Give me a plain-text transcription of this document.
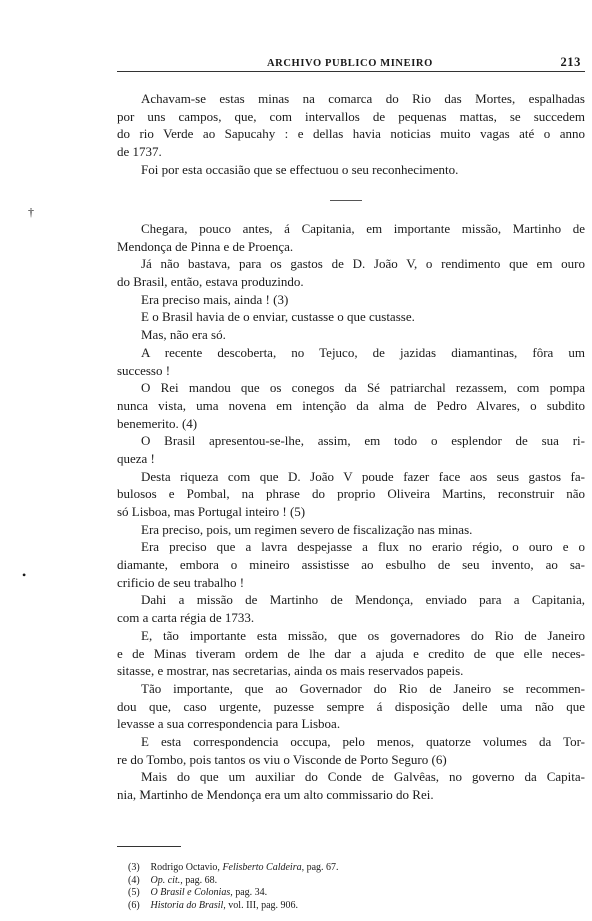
ARCHIVO PUBLICO MINEIRO	213
Achavam-se estas minas na comarca do Rio das Mortes, espalhadas
por uns campos, que, com intervallos de pequenas mattas, se succedem
do rio Verde ao Sapucahy : e dellas havia noticias muito vagas até o anno
de 1737.
Foi por esta occasião que se effectuou o seu reconhecimento.
†
•
Chegara, pouco antes, á Capitania, em importante missão, Martinho de
Mendonça de Pinna e de Proença.
Já não bastava, para os gastos de D. João V, o rendimento que em ouro
do Brasil, então, estava produzindo.
Era preciso mais, ainda ! (3)
E o Brasil havia de o enviar, custasse o que custasse.
Mas, não era só.
A recente descoberta, no Tejuco, de jazidas diamantinas, fôra um
successo !
O Rei mandou que os conegos da Sé patriarchal rezassem, com pompa
nunca vista, uma novena em intenção da alma de Pedro Alvares, o subdito
benemerito. (4)
O Brasil apresentou-se-lhe, assim, em todo o esplendor de sua ri-
queza !
Desta riqueza com que D. João V poude fazer face aos seus gastos fa-
bulosos e Pombal, na phrase do proprio Oliveira Martins, reconstruir não
só Lisboa, mas Portugal inteiro ! (5)
Era preciso, pois, um regimen severo de fiscalização nas minas.
Era preciso que a lavra despejasse a flux no erario régio, o ouro e o
diamante, embora o mineiro assistisse ao esbulho de seu invento, ao sa-
crificio de seu trabalho !
Dahi a missão de Martinho de Mendonça, enviado para a Capitania,
com a carta régia de 1733.
E, tão importante esta missão, que os governadores do Rio de Janeiro
e de Minas tiveram ordem de lhe dar a ajuda e credito de que elle neces-
sitasse, e mostrar, nas secretarias, ainda os mais reservados papeis.
Tão importante, que ao Governador do Rio de Janeiro se recommen-
dou que, caso urgente, puzesse sempre á disposição delle uma não que
levasse a sua correspondencia para Lisboa.
E esta correspondencia occupa, pelo menos, quatorze volumes da Tor-
re do Tombo, pois tantos os viu o Visconde de Porto Seguro (6)
Mais do que um auxiliar do Conde de Galvêas, no governo da Capita-
nia, Martinho de Mendonça era um alto commissario do Rei.
(3) Rodrigo Octavio, Felisberto Caldeira, pag. 67.
(4) Op. cit., pag. 68.
(5) O Brasil e Colonias, pag. 34.
(6) Historia do Brasil, vol. III, pag. 906.
